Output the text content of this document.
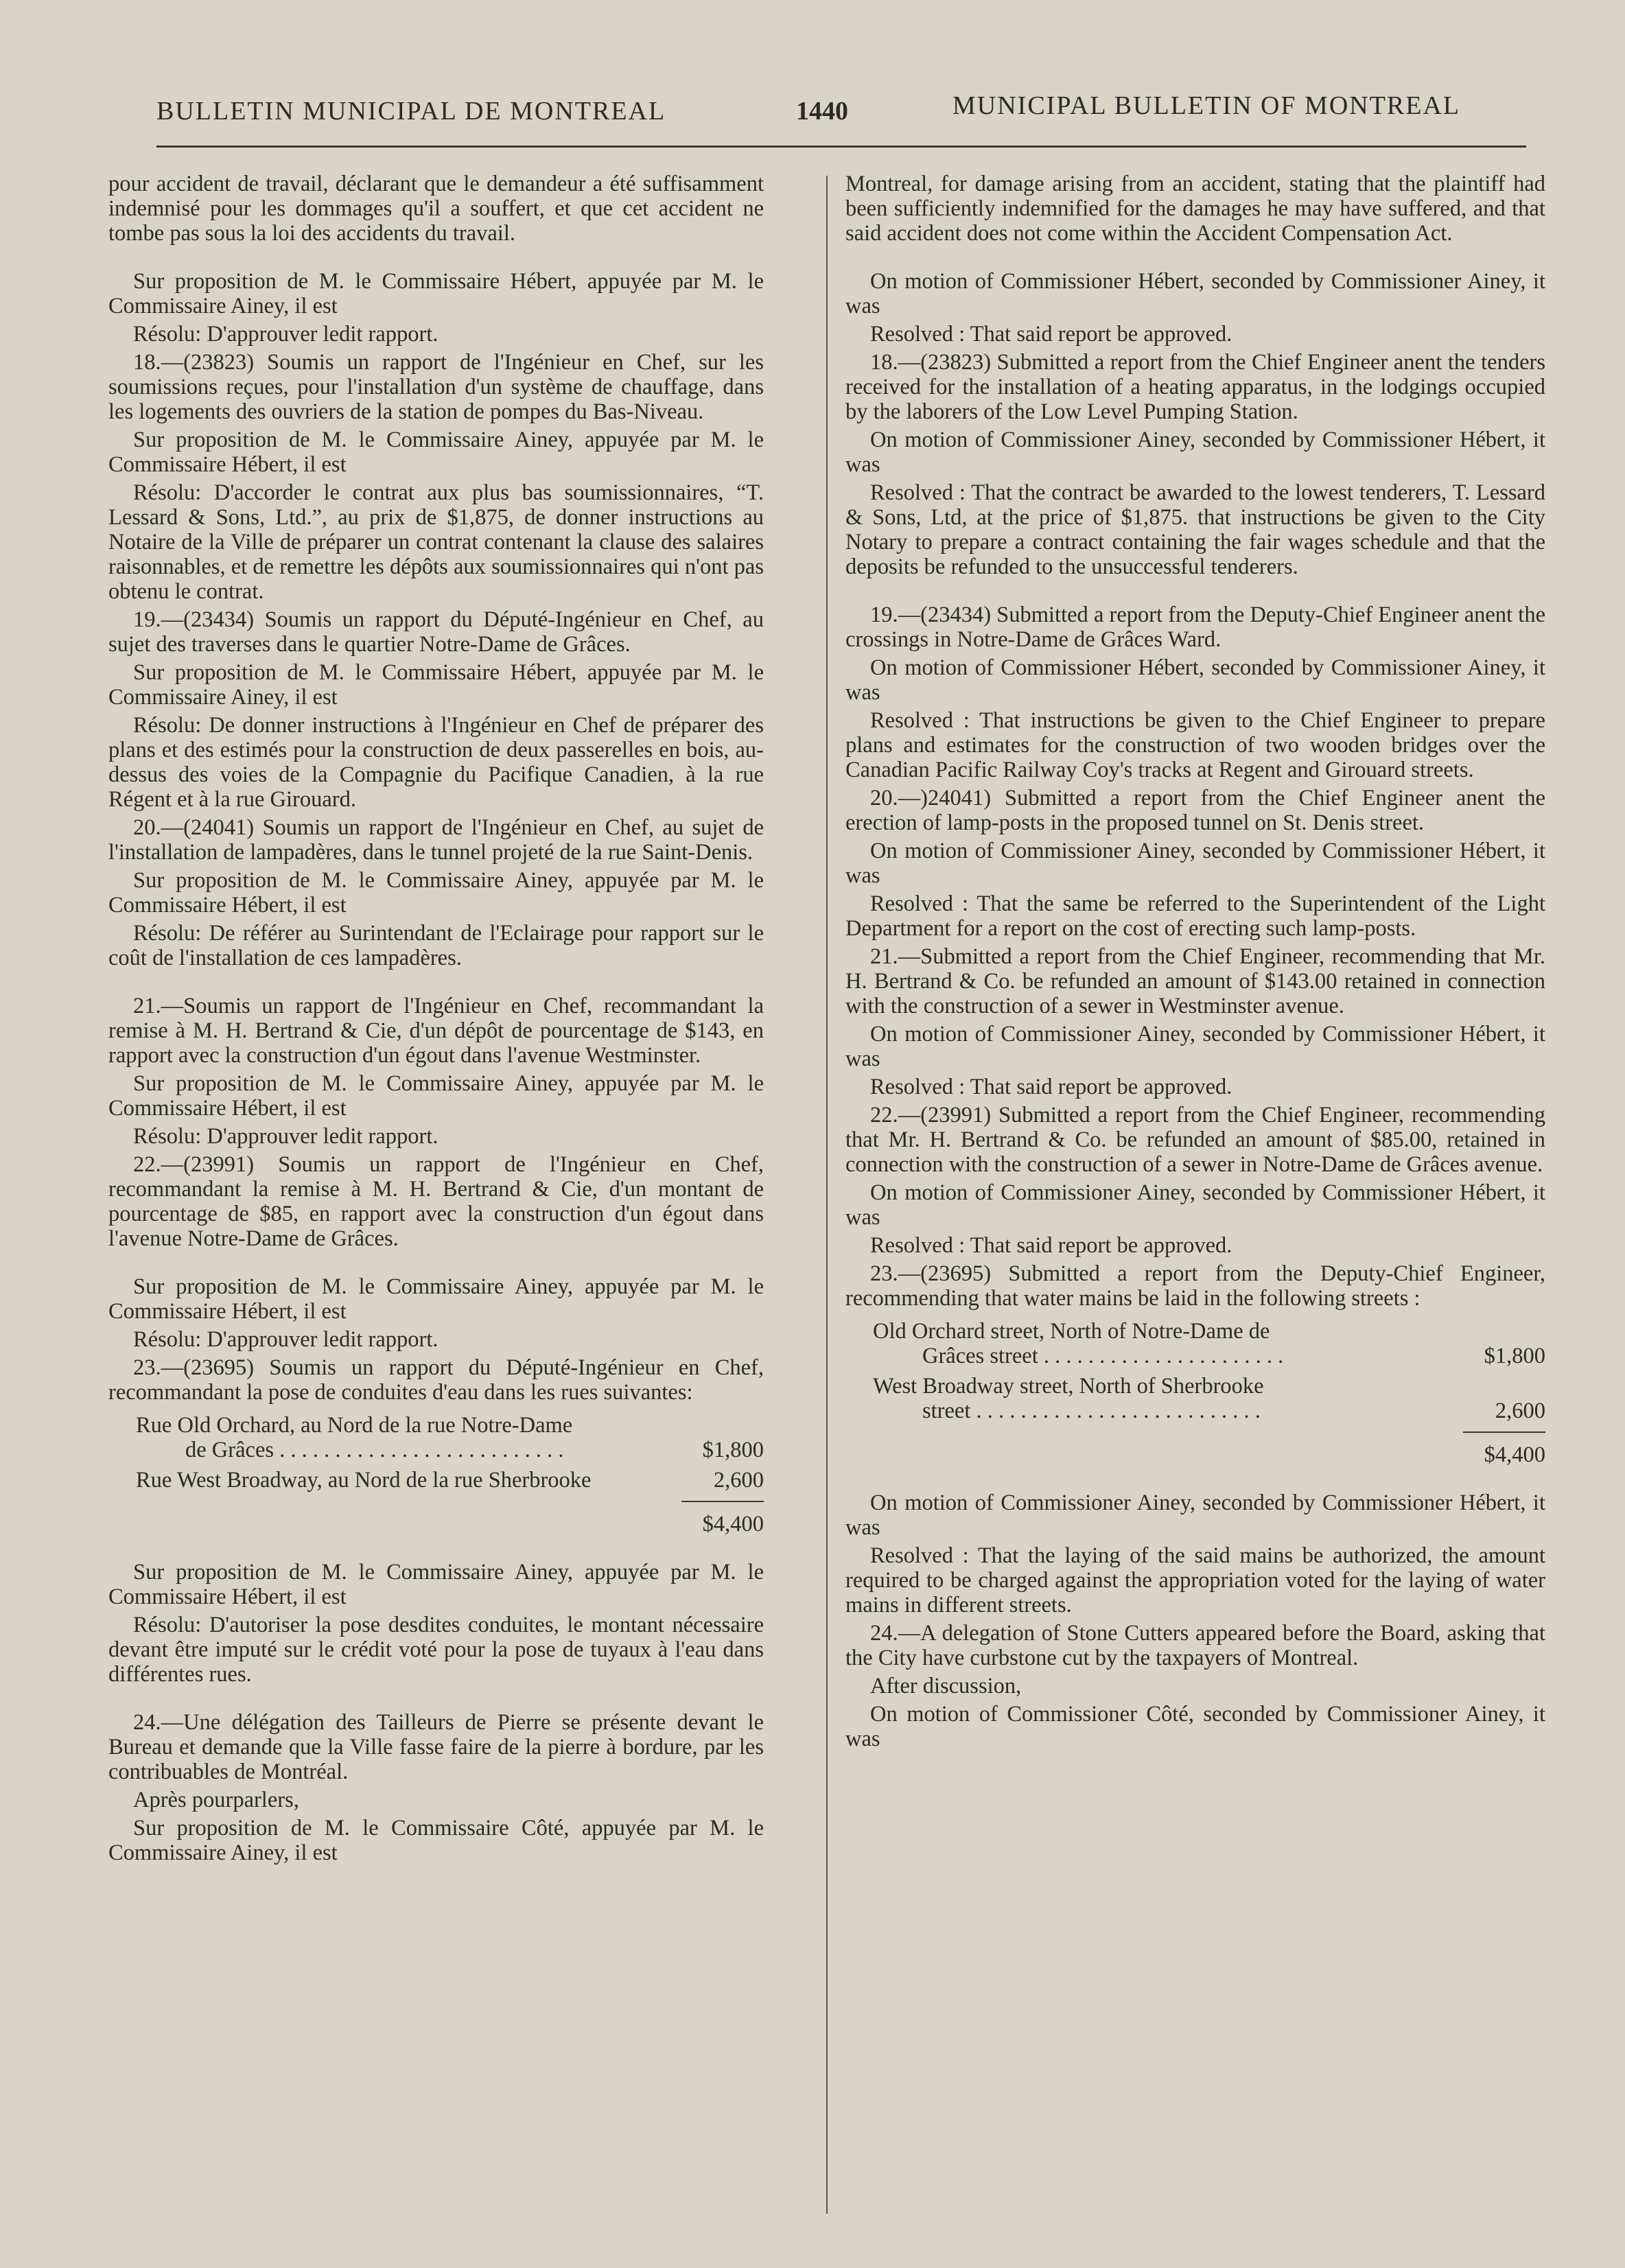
BULLETIN MUNICIPAL DE MONTREAL	1440	MUNICIPAL BULLETIN OF MONTREAL

pour accident de travail, déclarant que le demandeur a été suffisamment indemnisé pour les dommages qu'il a souffert, et que cet accident ne tombe pas sous la loi des accidents du travail.

Sur proposition de M. le Commissaire Hébert, appuyée par M. le Commissaire Ainey, il est

Résolu: D'approuver ledit rapport.

18.—(23823) Soumis un rapport de l'Ingénieur en Chef, sur les soumissions reçues, pour l'installation d'un système de chauffage, dans les logements des ouvriers de la station de pompes du Bas-Niveau.

Sur proposition de M. le Commissaire Ainey, appuyée par M. le Commissaire Hébert, il est

Résolu: D'accorder le contrat aux plus bas soumissionnaires, “T. Lessard & Sons, Ltd.”, au prix de $1,875, de donner instructions au Notaire de la Ville de préparer un contrat contenant la clause des salaires raisonnables, et de remettre les dépôts aux soumissionnaires qui n'ont pas obtenu le contrat.

19.—(23434) Soumis un rapport du Député-Ingénieur en Chef, au sujet des traverses dans le quartier Notre-Dame de Grâces.

Sur proposition de M. le Commissaire Hébert, appuyée par M. le Commissaire Ainey, il est

Résolu: De donner instructions à l'Ingénieur en Chef de préparer des plans et des estimés pour la construction de deux passerelles en bois, au-dessus des voies de la Compagnie du Pacifique Canadien, à la rue Régent et à la rue Girouard.

20.—(24041) Soumis un rapport de l'Ingénieur en Chef, au sujet de l'installation de lampadères, dans le tunnel projeté de la rue Saint-Denis.

Sur proposition de M. le Commissaire Ainey, appuyée par M. le Commissaire Hébert, il est

Résolu: De référer au Surintendant de l'Eclairage pour rapport sur le coût de l'installation de ces lampadères.

21.—Soumis un rapport de l'Ingénieur en Chef, recommandant la remise à M. H. Bertrand & Cie, d'un dépôt de pourcentage de $143, en rapport avec la construction d'un égout dans l'avenue Westminster.

Sur proposition de M. le Commissaire Ainey, appuyée par M. le Commissaire Hébert, il est

Résolu: D'approuver ledit rapport.

22.—(23991) Soumis un rapport de l'Ingénieur en Chef, recommandant la remise à M. H. Bertrand & Cie, d'un montant de pourcentage de $85, en rapport avec la construction d'un égout dans l'avenue Notre-Dame de Grâces.

Sur proposition de M. le Commissaire Ainey, appuyée par M. le Commissaire Hébert, il est

Résolu: D'approuver ledit rapport.

23.—(23695) Soumis un rapport du Député-Ingénieur en Chef, recommandant la pose de conduites d'eau dans les rues suivantes:

Rue Old Orchard, au Nord de la rue Notre-Dame
de Grâces . . . . . . . . . . . . . . . . . . . . . . . . . .	$1,800
Rue West Broadway, au Nord de la rue Sherbrooke	2,600
$4,400

Sur proposition de M. le Commissaire Ainey, appuyée par M. le Commissaire Hébert, il est

Résolu: D'autoriser la pose desdites conduites, le montant nécessaire devant être imputé sur le crédit voté pour la pose de tuyaux à l'eau dans différentes rues.

24.—Une délégation des Tailleurs de Pierre se présente devant le Bureau et demande que la Ville fasse faire de la pierre à bordure, par les contribuables de Montréal.

Après pourparlers,

Sur proposition de M. le Commissaire Côté, appuyée par M. le Commissaire Ainey, il est

Montreal, for damage arising from an accident, stating that the plaintiff had been sufficiently indemnified for the damages he may have suffered, and that said accident does not come within the Accident Compensation Act.

On motion of Commissioner Hébert, seconded by Commissioner Ainey, it was

Resolved : That said report be approved.

18.—(23823) Submitted a report from the Chief Engineer anent the tenders received for the installation of a heating apparatus, in the lodgings occupied by the laborers of the Low Level Pumping Station.

On motion of Commissioner Ainey, seconded by Commissioner Hébert, it was

Resolved : That the contract be awarded to the lowest tenderers, T. Lessard & Sons, Ltd, at the price of $1,875. that instructions be given to the City Notary to prepare a contract containing the fair wages schedule and that the deposits be refunded to the unsuccessful tenderers.

19.—(23434) Submitted a report from the Deputy-Chief Engineer anent the crossings in Notre-Dame de Grâces Ward.

On motion of Commissioner Hébert, seconded by Commissioner Ainey, it was

Resolved : That instructions be given to the Chief Engineer to prepare plans and estimates for the construction of two wooden bridges over the Canadian Pacific Railway Coy's tracks at Regent and Girouard streets.

20.—)24041) Submitted a report from the Chief Engineer anent the erection of lamp-posts in the proposed tunnel on St. Denis street.

On motion of Commissioner Ainey, seconded by Commissioner Hébert, it was

Resolved : That the same be referred to the Superintendent of the Light Department for a report on the cost of erecting such lamp-posts.

21.—Submitted a report from the Chief Engineer, recommending that Mr. H. Bertrand & Co. be refunded an amount of $143.00 retained in connection with the construction of a sewer in Westminster avenue.

On motion of Commissioner Ainey, seconded by Commissioner Hébert, it was

Resolved : That said report be approved.

22.—(23991) Submitted a report from the Chief Engineer, recommending that Mr. H. Bertrand & Co. be refunded an amount of $85.00, retained in connection with the construction of a sewer in Notre-Dame de Grâces avenue.

On motion of Commissioner Ainey, seconded by Commissioner Hébert, it was

Resolved : That said report be approved.

23.—(23695) Submitted a report from the Deputy-Chief Engineer, recommending that water mains be laid in the following streets :

Old Orchard street, North of Notre-Dame de
Grâces street . . . . . . . . . . . . . . . . . . . . . .	$1,800

West Broadway street, North of Sherbrooke
street . . . . . . . . . . . . . . . . . . . . . . . . . .	2,600
$4,400

On motion of Commissioner Ainey, seconded by Commissioner Hébert, it was

Resolved : That the laying of the said mains be authorized, the amount required to be charged against the appropriation voted for the laying of water mains in different streets.

24.—A delegation of Stone Cutters appeared before the Board, asking that the City have curbstone cut by the taxpayers of Montreal.

After discussion,

On motion of Commissioner Côté, seconded by Commissioner Ainey, it was
